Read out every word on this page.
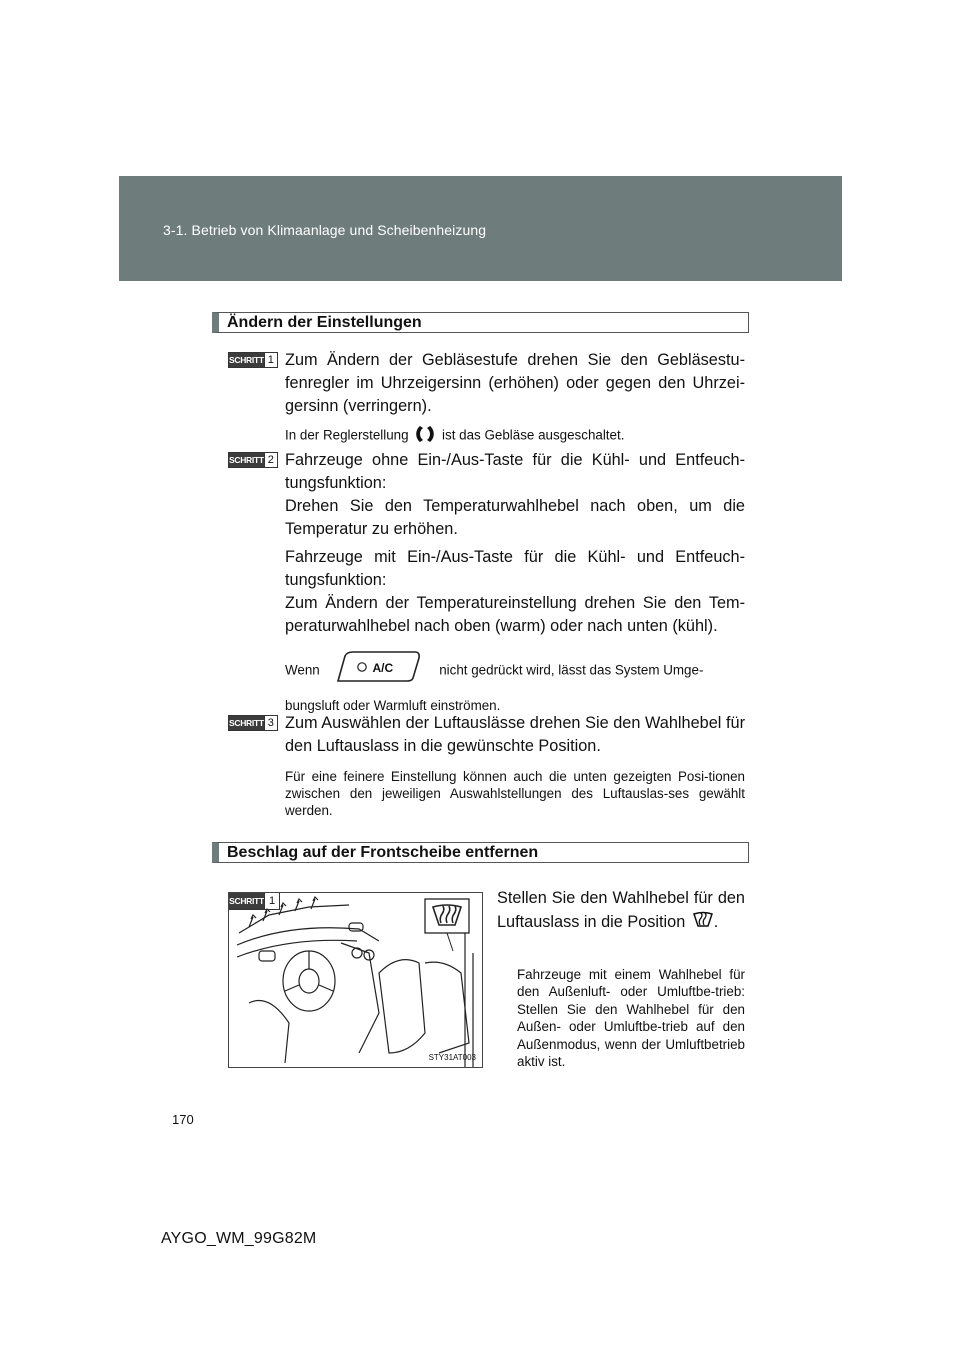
3-1. Betrieb von Klimaanlage und Scheibenheizung
Ändern der Einstellungen
SCHRITT 1 Zum Ändern der Gebläsestufe drehen Sie den Gebläsestu-fenregler im Uhrzeigersinn (erhöhen) oder gegen den Uhrzei-gersinn (verringern).
In der Reglerstellung ist das Gebläse ausgeschaltet.
SCHRITT 2 Fahrzeuge ohne Ein-/Aus-Taste für die Kühl- und Entfeuch-tungsfunktion:
Drehen Sie den Temperaturwahlhebel nach oben, um die Temperatur zu erhöhen.
Fahrzeuge mit Ein-/Aus-Taste für die Kühl- und Entfeuch-tungsfunktion:
Zum Ändern der Temperatureinstellung drehen Sie den Tem-peraturwahlhebel nach oben (warm) oder nach unten (kühl).
Wenn	A/C	nicht gedrückt wird, lässt das System Umge-
bungsluft oder Warmluft einströmen.
SCHRITT 3 Zum Auswählen der Luftauslässe drehen Sie den Wahlhebel für den Luftauslass in die gewünschte Position.
Für eine feinere Einstellung können auch die unten gezeigten Posi-tionen zwischen den jeweiligen Auswahlstellungen des Luftauslas-ses gewählt werden.
Beschlag auf der Frontscheibe entfernen
SCHRITT 1
STY31AT003
Stellen Sie den Wahlhebel für den Luftauslass in die Position .
Fahrzeuge mit einem Wahlhebel für den Außenluft- oder Umluftbe-trieb: Stellen Sie den Wahlhebel für den Außen- oder Umluftbe-trieb auf den Außenmodus, wenn der Umluftbetrieb aktiv ist.
170
AYGO_WM_99G82M
